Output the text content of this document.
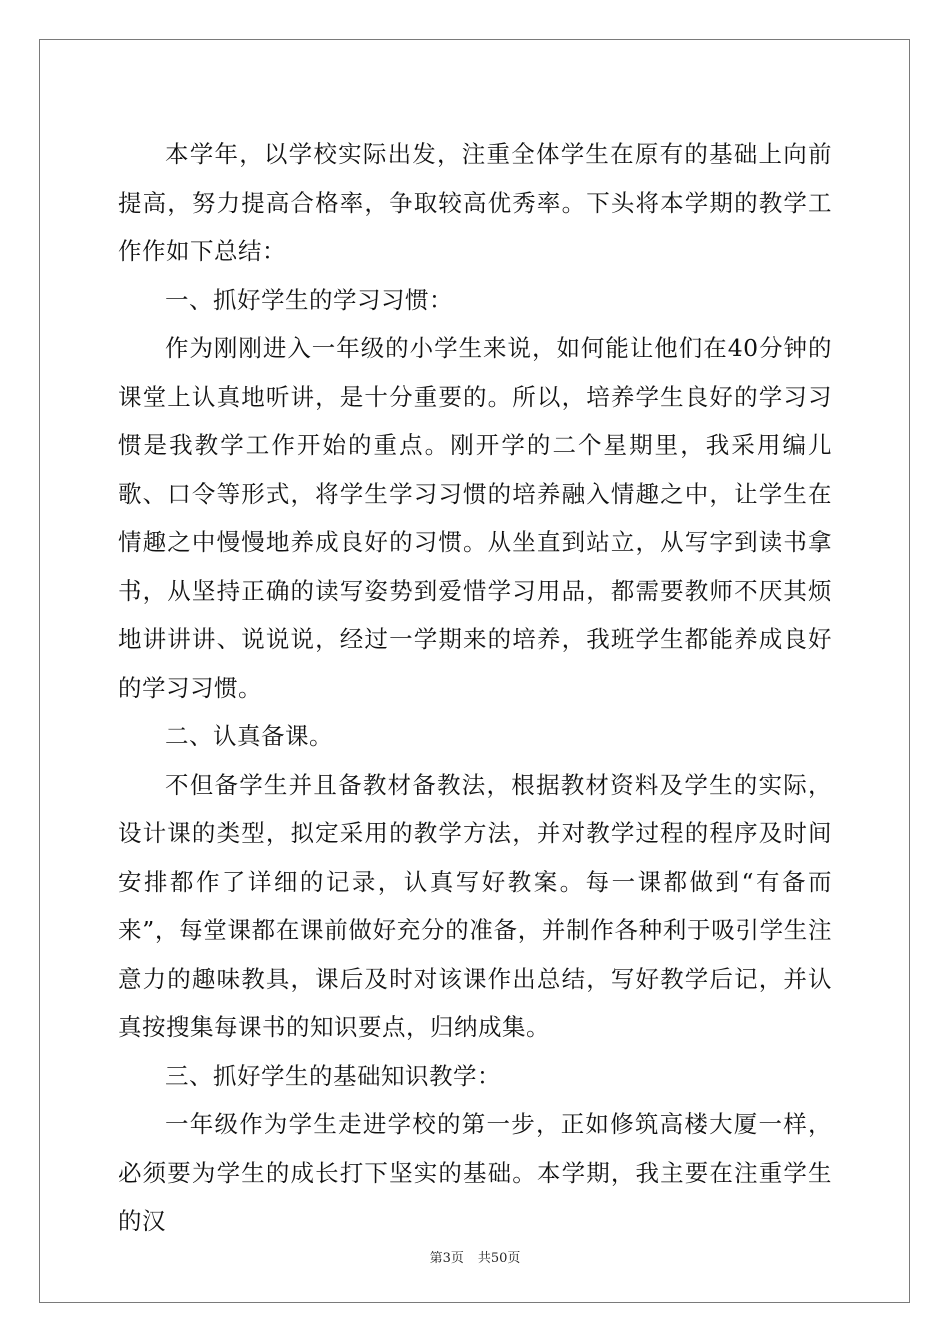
本学年，以学校实际出发，注重全体学生在原有的基础上向前提高，努力提高合格率，争取较高优秀率。下头将本学期的教学工作作如下总结：

一、抓好学生的学习习惯：

作为刚刚进入一年级的小学生来说，如何能让他们在40分钟的课堂上认真地听讲，是十分重要的。所以，培养学生良好的学习习惯是我教学工作开始的重点。刚开学的二个星期里，我采用编儿歌、口令等形式，将学生学习习惯的培养融入情趣之中，让学生在情趣之中慢慢地养成良好的习惯。从坐直到站立，从写字到读书拿书，从坚持正确的读写姿势到爱惜学习用品，都需要教师不厌其烦地讲讲讲、说说说，经过一学期来的培养，我班学生都能养成良好的学习习惯。

二、认真备课。

不但备学生并且备教材备教法，根据教材资料及学生的实际，设计课的类型，拟定采用的教学方法，并对教学过程的程序及时间安排都作了详细的记录，认真写好教案。每一课都做到“有备而来”，每堂课都在课前做好充分的准备，并制作各种利于吸引学生注意力的趣味教具，课后及时对该课作出总结，写好教学后记，并认真按搜集每课书的知识要点，归纳成集。

三、抓好学生的基础知识教学：

一年级作为学生走进学校的第一步，正如修筑高楼大厦一样，必须要为学生的成长打下坚实的基础。本学期，我主要在注重学生的汉

第3页 共50页
